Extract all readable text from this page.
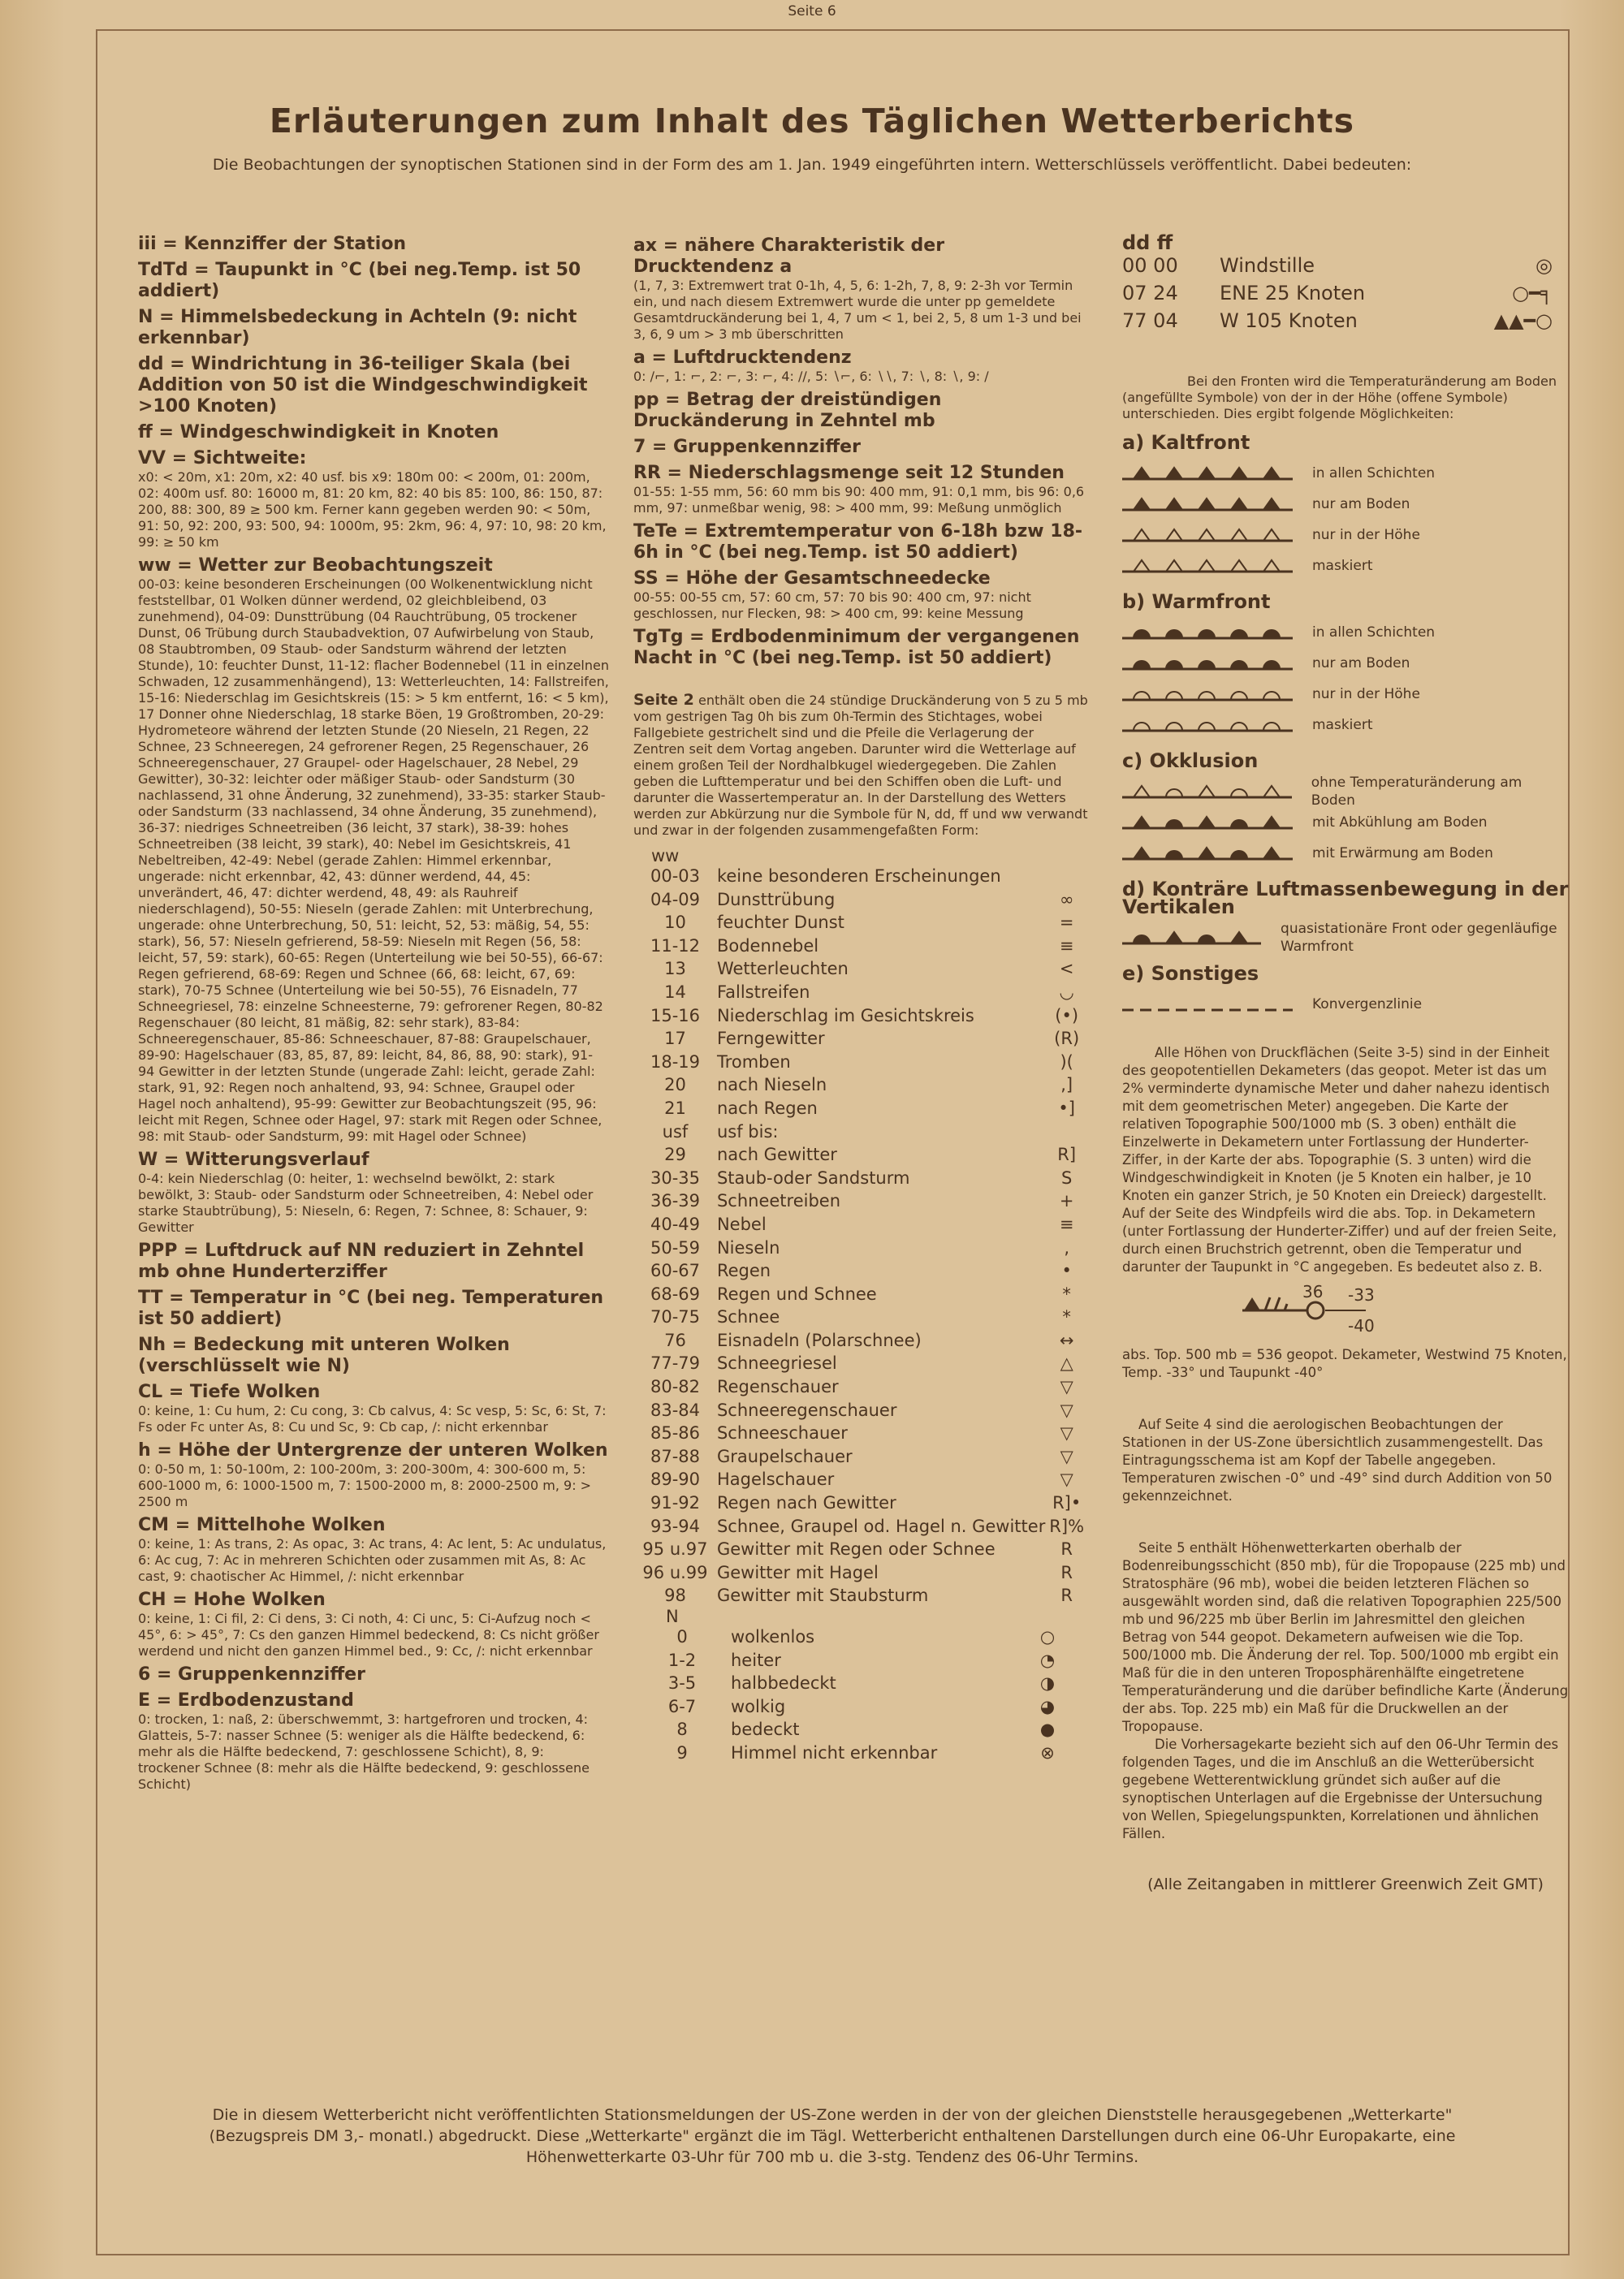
Seite 6
Erläuterungen zum Inhalt des Täglichen Wetterberichts
Die Beobachtungen der synoptischen Stationen sind in der Form des am 1. Jan. 1949 eingeführten intern. Wetterschlüssels veröffentlicht. Dabei bedeuten:
iii = Kennziffer der Station
TdTd = Taupunkt in °C (bei neg.Temp. ist 50 addiert)
N = Himmelsbedeckung in Achteln (9: nicht erkennbar)
dd = Windrichtung in 36-teiliger Skala (bei Addition von 50 ist die Windgeschwindigkeit >100 Knoten)
ff = Windgeschwindigkeit in Knoten
VV = Sichtweite:
x0: < 20m, x1: 20m, x2: 40 usf. bis x9: 180m 00: < 200m, 01: 200m, 02: 400m usf. 80: 16000 m, 81: 20 km, 82: 40 bis 85: 100, 86: 150, 87: 200, 88: 300, 89 ≥ 500 km. Ferner kann gegeben werden 90: < 50m, 91: 50, 92: 200, 93: 500, 94: 1000m, 95: 2km, 96: 4, 97: 10, 98: 20 km, 99: ≥ 50 km
ww = Wetter zur Beobachtungszeit
00-03: keine besonderen Erscheinungen (00 Wolkenentwicklung nicht feststellbar, 01 Wolken dünner werdend, 02 gleichbleibend, 03 zunehmend), 04-09: Dunsttrübung (04 Rauchtrübung, 05 trockener Dunst, 06 Trübung durch Staubadvektion, 07 Aufwirbelung von Staub, 08 Staubtromben, 09 Staub- oder Sandsturm während der letzten Stunde), 10: feuchter Dunst, 11-12: flacher Bodennebel (11 in einzelnen Schwaden, 12 zusammenhängend), 13: Wetterleuchten, 14: Fallstreifen, 15-16: Niederschlag im Gesichtskreis (15: > 5 km entfernt, 16: < 5 km), 17 Donner ohne Niederschlag, 18 starke Böen, 19 Großtromben, 20-29: Hydrometeore während der letzten Stunde (20 Nieseln, 21 Regen, 22 Schnee, 23 Schneeregen, 24 gefrorener Regen, 25 Regenschauer, 26 Schneeregenschauer, 27 Graupel- oder Hagelschauer, 28 Nebel, 29 Gewitter), 30-32: leichter oder mäßiger Staub- oder Sandsturm (30 nachlassend, 31 ohne Änderung, 32 zunehmend), 33-35: starker Staub- oder Sandsturm (33 nachlassend, 34 ohne Änderung, 35 zunehmend), 36-37: niedriges Schneetreiben (36 leicht, 37 stark), 38-39: hohes Schneetreiben (38 leicht, 39 stark), 40: Nebel im Gesichtskreis, 41 Nebeltreiben, 42-49: Nebel (gerade Zahlen: Himmel erkennbar, ungerade: nicht erkennbar, 42, 43: dünner werdend, 44, 45: unverändert, 46, 47: dichter werdend, 48, 49: als Rauhreif niederschlagend), 50-55: Nieseln (gerade Zahlen: mit Unterbrechung, ungerade: ohne Unterbrechung, 50, 51: leicht, 52, 53: mäßig, 54, 55: stark), 56, 57: Nieseln gefrierend, 58-59: Nieseln mit Regen (56, 58: leicht, 57, 59: stark), 60-65: Regen (Unterteilung wie bei 50-55), 66-67: Regen gefrierend, 68-69: Regen und Schnee (66, 68: leicht, 67, 69: stark), 70-75 Schnee (Unterteilung wie bei 50-55), 76 Eisnadeln, 77 Schneegriesel, 78: einzelne Schneesterne, 79: gefrorener Regen, 80-82 Regenschauer (80 leicht, 81 mäßig, 82: sehr stark), 83-84: Schneeregenschauer, 85-86: Schneeschauer, 87-88: Graupelschauer, 89-90: Hagelschauer (83, 85, 87, 89: leicht, 84, 86, 88, 90: stark), 91-94 Gewitter in der letzten Stunde (ungerade Zahl: leicht, gerade Zahl: stark, 91, 92: Regen noch anhaltend, 93, 94: Schnee, Graupel oder Hagel noch anhaltend), 95-99: Gewitter zur Beobachtungszeit (95, 96: leicht mit Regen, Schnee oder Hagel, 97: stark mit Regen oder Schnee, 98: mit Staub- oder Sandsturm, 99: mit Hagel oder Schnee)
W = Witterungsverlauf
0-4: kein Niederschlag (0: heiter, 1: wechselnd bewölkt, 2: stark bewölkt, 3: Staub- oder Sandsturm oder Schneetreiben, 4: Nebel oder starke Staubtrübung), 5: Nieseln, 6: Regen, 7: Schnee, 8: Schauer, 9: Gewitter
PPP = Luftdruck auf NN reduziert in Zehntel mb ohne Hunderterziffer
TT = Temperatur in °C (bei neg. Temperaturen ist 50 addiert)
Nh = Bedeckung mit unteren Wolken (verschlüsselt wie N)
CL = Tiefe Wolken
0: keine, 1: Cu hum, 2: Cu cong, 3: Cb calvus, 4: Sc vesp, 5: Sc, 6: St, 7: Fs oder Fc unter As, 8: Cu und Sc, 9: Cb cap, /: nicht erkennbar
h = Höhe der Untergrenze der unteren Wolken
0: 0-50 m, 1: 50-100m, 2: 100-200m, 3: 200-300m, 4: 300-600 m, 5: 600-1000 m, 6: 1000-1500 m, 7: 1500-2000 m, 8: 2000-2500 m, 9: > 2500 m
CM = Mittelhohe Wolken
0: keine, 1: As trans, 2: As opac, 3: Ac trans, 4: Ac lent, 5: Ac undulatus, 6: Ac cug, 7: Ac in mehreren Schichten oder zusammen mit As, 8: Ac cast, 9: chaotischer Ac Himmel, /: nicht erkennbar
CH = Hohe Wolken
0: keine, 1: Ci fil, 2: Ci dens, 3: Ci noth, 4: Ci unc, 5: Ci-Aufzug noch < 45°, 6: > 45°, 7: Cs den ganzen Himmel bedeckend, 8: Cs nicht größer werdend und nicht den ganzen Himmel bed., 9: Cc, /: nicht erkennbar
6 = Gruppenkennziffer
E = Erdbodenzustand
0: trocken, 1: naß, 2: überschwemmt, 3: hartgefroren und trocken, 4: Glatteis, 5-7: nasser Schnee (5: weniger als die Hälfte bedeckend, 6: mehr als die Hälfte bedeckend, 7: geschlossene Schicht), 8, 9: trockener Schnee (8: mehr als die Hälfte bedeckend, 9: geschlossene Schicht)
ax = nähere Charakteristik der Drucktendenz a
(1, 7, 3: Extremwert trat 0-1h, 4, 5, 6: 1-2h, 7, 8, 9: 2-3h vor Termin ein, und nach diesem Extremwert wurde die unter pp gemeldete Gesamtdruckänderung bei 1, 4, 7 um < 1, bei 2, 5, 8 um 1-3 und bei 3, 6, 9 um > 3 mb überschritten
a = Luftdrucktendenz
0: ∕⌐, 1: ⌐, 2: ⌐, 3: ⌐, 4: ∕∕, 5: ∖⌐, 6: ∖∖, 7: ∖, 8: ∖, 9: ∕
pp = Betrag der dreistündigen Druckänderung in Zehntel mb
7 = Gruppenkennziffer
RR = Niederschlagsmenge seit 12 Stunden
01-55: 1-55 mm, 56: 60 mm bis 90: 400 mm, 91: 0,1 mm, bis 96: 0,6 mm, 97: unmeßbar wenig, 98: > 400 mm, 99: Meßung unmöglich
TeTe = Extremtemperatur von 6-18h bzw 18-6h in °C (bei neg.Temp. ist 50 addiert)
SS = Höhe der Gesamtschneedecke
00-55: 00-55 cm, 57: 60 cm, 57: 70 bis 90: 400 cm, 97: nicht geschlossen, nur Flecken, 98: > 400 cm, 99: keine Messung
TgTg = Erdbodenminimum der vergangenen Nacht in °C (bei neg.Temp. ist 50 addiert)
Seite 2 enthält oben die 24 stündige Druckänderung von 5 zu 5 mb vom gestrigen Tag 0h bis zum 0h-Termin des Stichtages, wobei Fallgebiete gestrichelt sind und die Pfeile die Verlagerung der Zentren seit dem Vortag angeben. Darunter wird die Wetterlage auf einem großen Teil der Nordhalbkugel wiedergegeben. Die Zahlen geben die Lufttemperatur und bei den Schiffen oben die Luft- und darunter die Wassertemperatur an. In der Darstellung des Wetters werden zur Abkürzung nur die Symbole für N, dd, ff und ww verwandt und zwar in der folgenden zusammengefaßten Form:
ww
00-03	keine besonderen Erscheinungen	
04-09	Dunsttrübung	∞
10	feuchter Dunst	=
11-12	Bodennebel	≡
13	Wetterleuchten	<
14	Fallstreifen	◡
15-16	Niederschlag im Gesichtskreis	(•)
17	Ferngewitter	(R)
18-19	Tromben	)(
20	nach Nieseln	,]
21	nach Regen	•]
usf	usf bis:	
29	nach Gewitter	R]
30-35	Staub-oder Sandsturm	S
36-39	Schneetreiben	+
40-49	Nebel	≡
50-59	Nieseln	,
60-67	Regen	•
68-69	Regen und Schnee	*
70-75	Schnee	*
76	Eisnadeln (Polarschnee)	↔
77-79	Schneegriesel	△
80-82	Regenschauer	▽
83-84	Schneeregenschauer	▽
85-86	Schneeschauer	▽
87-88	Graupelschauer	▽
89-90	Hagelschauer	▽
91-92	Regen nach Gewitter	R]•
93-94	Schnee, Graupel od. Hagel n. Gewitter	R]%
95 u.97	Gewitter mit Regen oder Schnee	R
96 u.99	Gewitter mit Hagel	R
98	Gewitter mit Staubsturm	R
N
0	wolkenlos	○
1-2	heiter	◔
3-5	halbbedeckt	◑
6-7	wolkig	◕
8	bedeckt	●
9	Himmel nicht erkennbar	⊗
dd ff
00 00	Windstille	◎
07 24	ENE 25 Knoten	○━╕
77 04	W 105 Knoten	▲▲━○
Bei den Fronten wird die Temperaturänderung am Boden (angefüllte Symbole) von der in der Höhe (offene Symbole) unterschieden. Dies ergibt folgende Möglichkeiten:
a) Kaltfront
in allen Schichten
nur am Boden
nur in der Höhe
maskiert
b) Warmfront
in allen Schichten
nur am Boden
nur in der Höhe
maskiert
c) Okklusion
ohne Temperaturänderung am Boden
mit Abkühlung am Boden
mit Erwärmung am Boden
d) Konträre Luftmassenbewegung in der Vertikalen
quasistationäre Front oder gegenläufige Warmfront
e) Sonstiges
Konvergenzlinie
Alle Höhen von Druckflächen (Seite 3-5) sind in der Einheit des geopotentiellen Dekameters (das geopot. Meter ist das um 2% verminderte dynamische Meter und daher nahezu identisch mit dem geometrischen Meter) angegeben. Die Karte der relativen Topographie 500/1000 mb (S. 3 oben) enthält die Einzelwerte in Dekametern unter Fortlassung der Hunderter-Ziffer, in der Karte der abs. Topographie (S. 3 unten) wird die Windgeschwindigkeit in Knoten (je 5 Knoten ein halber, je 10 Knoten ein ganzer Strich, je 50 Knoten ein Dreieck) dargestellt. Auf der Seite des Windpfeils wird die abs. Top. in Dekametern (unter Fortlassung der Hunderter-Ziffer) und auf der freien Seite, durch einen Bruchstrich getrennt, oben die Temperatur und darunter der Taupunkt in °C angegeben. Es bedeutet also z. B.
36 -33
-40
abs. Top. 500 mb = 536 geopot. Dekameter, Westwind 75 Knoten, Temp. -33° und Taupunkt -40°
Auf Seite 4 sind die aerologischen Beobachtungen der Stationen in der US-Zone übersichtlich zusammengestellt. Das Eintragungsschema ist am Kopf der Tabelle angegeben. Temperaturen zwischen -0° und -49° sind durch Addition von 50 gekennzeichnet.
Seite 5 enthält Höhenwetterkarten oberhalb der Bodenreibungsschicht (850 mb), für die Tropopause (225 mb) und Stratosphäre (96 mb), wobei die beiden letzteren Flächen so ausgewählt worden sind, daß die relativen Topographien 225/500 mb und 96/225 mb über Berlin im Jahresmittel den gleichen Betrag von 544 geopot. Dekametern aufweisen wie die Top. 500/1000 mb. Die Änderung der rel. Top. 500/1000 mb ergibt ein Maß für die in den unteren Troposphärenhälfte eingetretene Temperaturänderung und die darüber befindliche Karte (Änderung der abs. Top. 225 mb) ein Maß für die Druckwellen an der Tropopause.
Die Vorhersagekarte bezieht sich auf den 06-Uhr Termin des folgenden Tages, und die im Anschluß an die Wetterübersicht gegebene Wetterentwicklung gründet sich außer auf die synoptischen Unterlagen auf die Ergebnisse der Untersuchung von Wellen, Spiegelungspunkten, Korrelationen und ähnlichen Fällen.
(Alle Zeitangaben in mittlerer Greenwich Zeit GMT)
Die in diesem Wetterbericht nicht veröffentlichten Stationsmeldungen der US-Zone werden in der von der gleichen Dienststelle herausgegebenen „Wetterkarte" (Bezugspreis DM 3,- monatl.) abgedruckt. Diese „Wetterkarte" ergänzt die im Tägl. Wetterbericht enthaltenen Darstellungen durch eine 06-Uhr Europakarte, eine Höhenwetterkarte 03-Uhr für 700 mb u. die 3-stg. Tendenz des 06-Uhr Termins.
